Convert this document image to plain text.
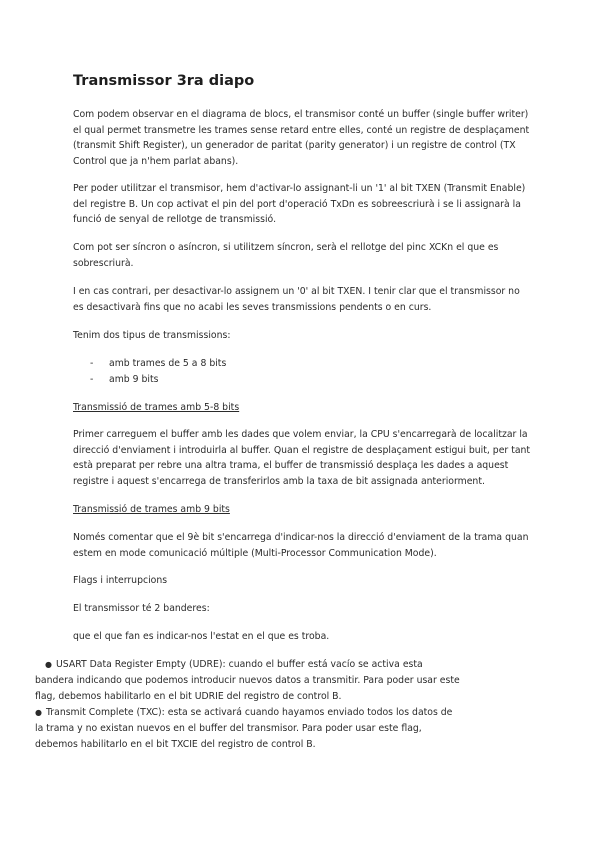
Transmissor 3ra diapo

Com podem observar en el diagrama de blocs, el transmisor conté un buffer (single buffer writer) el qual permet transmetre les trames sense retard entre elles, conté un registre de desplaçament (transmit Shift Register), un generador de paritat (parity generator) i un registre de control (TX Control que ja n'hem parlat abans).

Per poder utilitzar el transmisor, hem d'activar-lo assignant-li un '1' al bit TXEN (Transmit Enable) del registre B. Un cop activat el pin del port d'operació TxDn es sobreescriurà i se li assignarà la funció de senyal de rellotge de transmissió.

Com pot ser síncron o asíncron, si utilitzem síncron, serà el rellotge del pinc XCKn el que es sobrescriurà.

I en cas contrari, per desactivar-lo assignem un '0' al bit TXEN. I tenir clar que el transmissor no es desactivarà fins que no acabi les seves transmissions pendents o en curs.

Tenim dos tipus de transmissions:

- amb trames de 5 a 8 bits
- amb 9 bits

Transmissió de trames amb 5-8 bits

Primer carreguem el buffer amb les dades que volem enviar, la CPU s'encarregarà de localitzar la direcció d'enviament i introduirla al buffer. Quan el registre de desplaçament estigui buit, per tant està preparat per rebre una altra trama, el buffer de transmissió desplaça les dades a aquest registre i aquest s'encarrega de transferirlos amb la taxa de bit assignada anteriorment.

Transmissió de trames amb 9 bits

Només comentar que el 9è bit s'encarrega d'indicar-nos la direcció d'enviament de la trama quan estem en mode comunicació múltiple (Multi-Processor Communication Mode).

Flags i interrupcions

El transmissor té 2 banderes:

que el que fan es indicar-nos l'estat en el que es troba.

● USART Data Register Empty (UDRE): cuando el buffer está vacío se activa esta bandera indicando que podemos introducir nuevos datos a transmitir. Para poder usar este flag, debemos habilitarlo en el bit UDRIE del registro de control B.

● Transmit Complete (TXC): esta se activará cuando hayamos enviado todos los datos de la trama y no existan nuevos en el buffer del transmisor. Para poder usar este flag, debemos habilitarlo en el bit TXCIE del registro de control B.
